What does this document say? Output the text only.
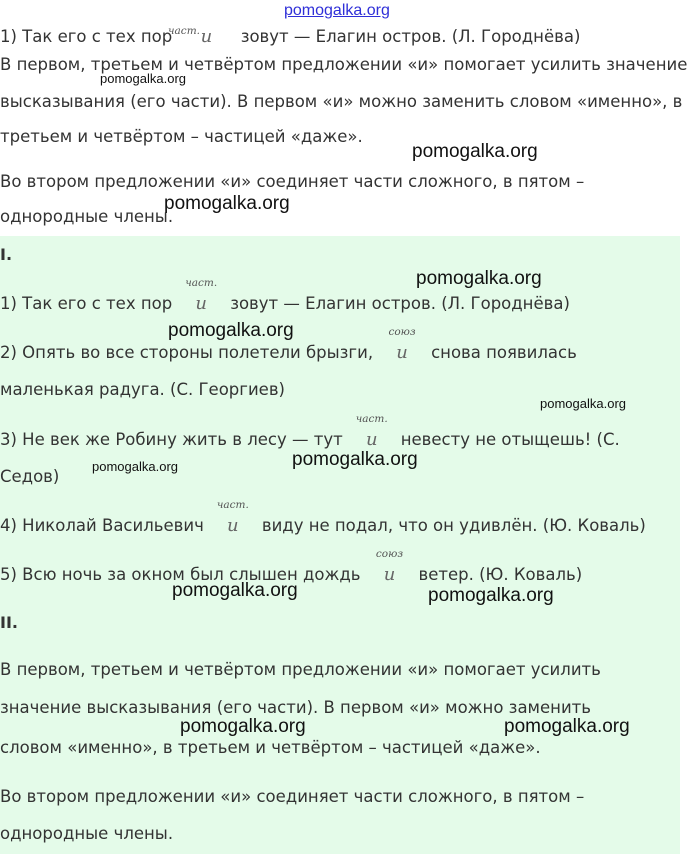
pomogalka.org
1) Так его с тех пор и зовут — Елагин остров. (Л. Городнёва)
част.
В первом, третьем и четвёртом предложении «и» помогает усилить значение
высказывания (его части). В первом «и» можно заменить словом «именно», в
третьем и четвёртом – частицей «даже».
Во втором предложении «и» соединяет части сложного, в пятом –
однородные члены.
I.
1) Так его с тех пор
част.
и зовут — Елагин остров. (Л. Городнёва)
2) Опять во все стороны полетели брызги,
союз
и снова появилась
маленькая радуга. (С. Георгиев)
3) Не век же Робину жить в лесу — тут
част.
и невесту не отыщешь! (С.
Седов)
4) Николай Васильевич
част.
и виду не подал, что он удивлён. (Ю. Коваль)
5) Всю ночь за окном был слышен дождь
союз
и ветер. (Ю. Коваль)
II.
В первом, третьем и четвёртом предложении «и» помогает усилить
значение высказывания (его части). В первом «и» можно заменить
словом «именно», в третьем и четвёртом – частицей «даже».
Во втором предложении «и» соединяет части сложного, в пятом –
однородные члены.
pomogalka.org
pomogalka.org
pomogalka.org
pomogalka.org
pomogalka.org
pomogalka.org
pomogalka.org
pomogalka.org
pomogalka.org	pomogalka.org
pomogalka.org	pomogalka.org
